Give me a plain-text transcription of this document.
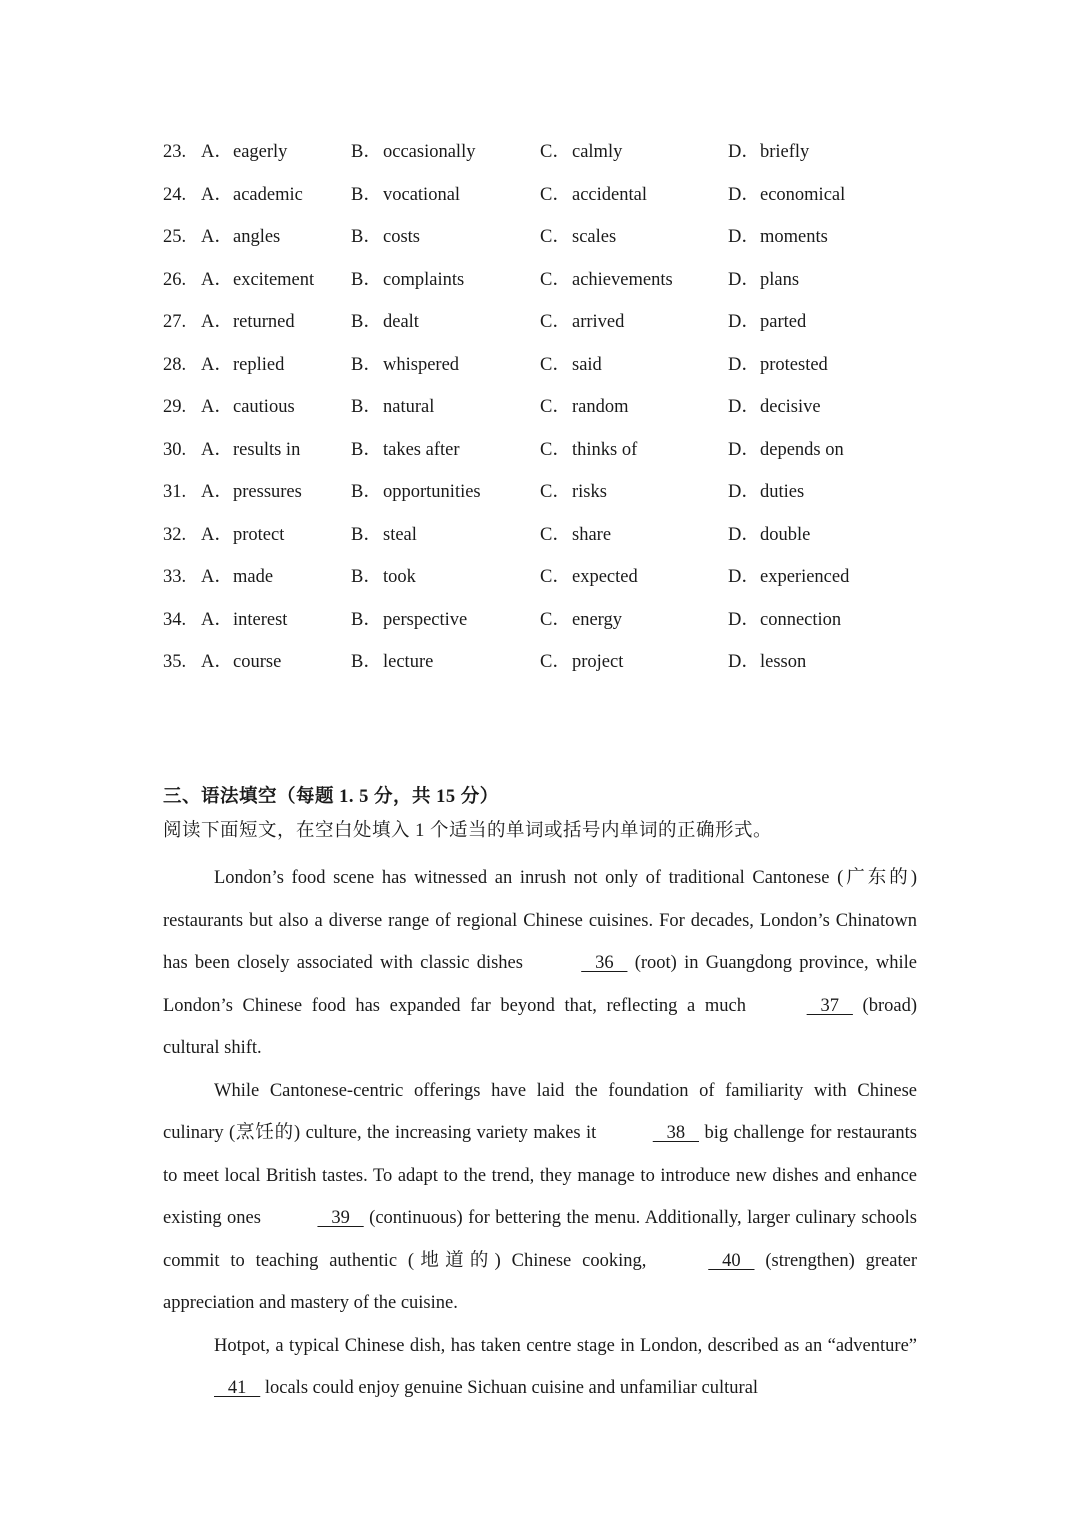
23. A． eagerly	B． occasionally	C． calmly	D． briefly
24. A． academic	B． vocational	C． accidental	D． economical
25. A． angles	B． costs	C． scales	D． moments
26. A． excitement B． complaints	C． achievements	D． plans
27. A． returned	B． dealt	C． arrived	D． parted
28. A． replied	B． whispered	C． said	D． protested
29. A． cautious	B． natural	C． random	D． decisive
30. A． results in	B． takes after	C． thinks of	D． depends on
31. A． pressures	B． opportunities	C． risks	D． duties
32. A． protect	B． steal	C． share	D． double
33. A． made	B． took	C． expected	D． experienced
34. A． interest	B． perspective	C． energy	D． connection
35. A． course	B． lecture	C． project	D． lesson
三、语法填空（每题 1. 5 分，共 15 分）
阅读下面短文，在空白处填入 1 个适当的单词或括号内单词的正确形式。

London’s food scene has witnessed an inrush not only of traditional Cantonese (广东的) restaurants but also a diverse range of regional Chinese cuisines. For decades, London’s Chinatown has been closely associated with classic dishes	36    (root) in Guangdong province, while London’s Chinese food has expanded far beyond that, reflecting a much	37    (broad) cultural shift.

While Cantonese-centric offerings have laid the foundation of familiarity with Chinese culinary (烹饪的) culture, the increasing variety makes it	38    big challenge for restaurants to meet local British tastes. To adapt to the trend, they manage to introduce new dishes and enhance existing ones	39    (continuous) for bettering the menu. Additionally, larger culinary schools commit to teaching authentic (地道的) Chinese cooking,	40    (strengthen) greater appreciation and mastery of the cuisine.

Hotpot, a typical Chinese dish, has taken centre stage in London, described as an “adventure”    41    locals could enjoy genuine Sichuan cuisine and unfamiliar cultural
